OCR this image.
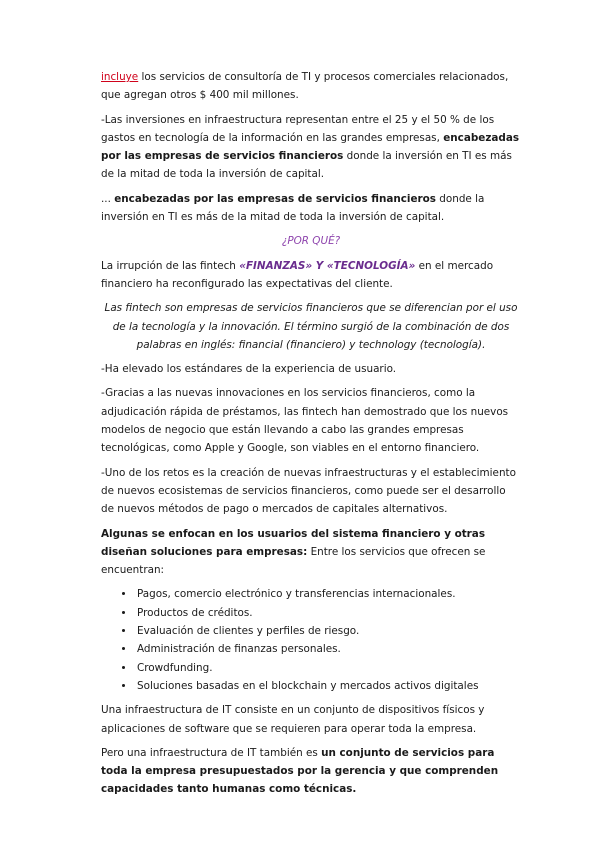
incluye los servicios de consultoría de TI y procesos comerciales relacionados, que agregan otros $ 400 mil millones.

-Las inversiones en infraestructura representan entre el 25 y el 50 % de los gastos en tecnología de la información en las grandes empresas, encabezadas por las empresas de servicios financieros donde la inversión en TI es más de la mitad de toda la inversión de capital.

... encabezadas por las empresas de servicios financieros donde la inversión en TI es más de la mitad de toda la inversión de capital.

¿POR QUÉ?

La irrupción de las fintech «FINANZAS» Y «TECNOLOGÍA» en el mercado financiero ha reconfigurado las expectativas del cliente.

Las fintech son empresas de servicios financieros que se diferencian por el uso de la tecnología y la innovación. El término surgió de la combinación de dos palabras en inglés: financial (financiero) y technology (tecnología).

-Ha elevado los estándares de la experiencia de usuario.

-Gracias a las nuevas innovaciones en los servicios financieros, como la adjudicación rápida de préstamos, las fintech han demostrado que los nuevos modelos de negocio que están llevando a cabo las grandes empresas tecnológicas, como Apple y Google, son viables en el entorno financiero.

-Uno de los retos es la creación de nuevas infraestructuras y el establecimiento de nuevos ecosistemas de servicios financieros, como puede ser el desarrollo de nuevos métodos de pago o mercados de capitales alternativos.

Algunas se enfocan en los usuarios del sistema financiero y otras diseñan soluciones para empresas: Entre los servicios que ofrecen se encuentran:

• Pagos, comercio electrónico y transferencias internacionales.
• Productos de créditos.
• Evaluación de clientes y perfiles de riesgo.
• Administración de finanzas personales.
• Crowdfunding.
• Soluciones basadas en el blockchain y mercados activos digitales

Una infraestructura de IT consiste en un conjunto de dispositivos físicos y aplicaciones de software que se requieren para operar toda la empresa.

Pero una infraestructura de IT también es un conjunto de servicios para toda la empresa presupuestados por la gerencia y que comprenden capacidades tanto humanas como técnicas.
